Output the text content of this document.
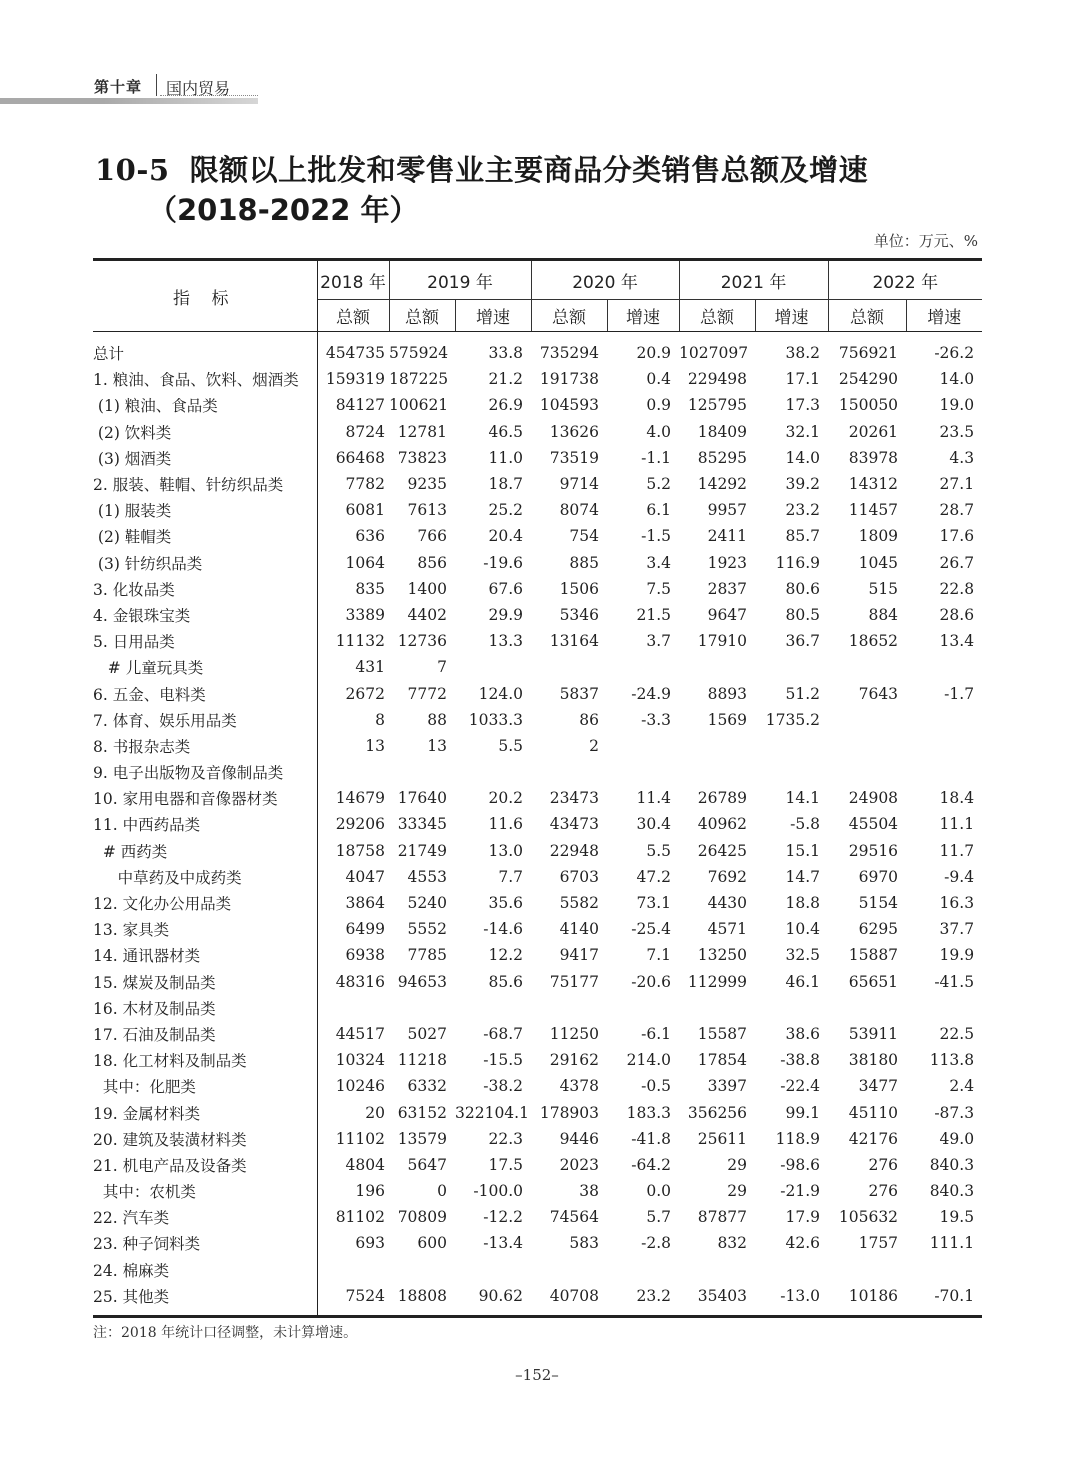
第十章 国内贸易
10-5 限额以上批发和零售业主要商品分类销售总额及增速
（2018-2022 年）
单位：万元、%
指 标	2018 年	2019 年		2020 年		2021 年		2022 年	
	总额	总额	增速	总额	增速	总额	增速	总额	增速
总计	454735	575924	33.8	735294	20.9	1027097	38.2	756921	-26.2
1. 粮油、食品、饮料、烟酒类	159319	187225	21.2	191738	0.4	229498	17.1	254290	14.0
(1) 粮油、食品类	84127	100621	26.9	104593	0.9	125795	17.3	150050	19.0
(2) 饮料类	8724	12781	46.5	13626	4.0	18409	32.1	20261	23.5
(3) 烟酒类	66468	73823	11.0	73519	-1.1	85295	14.0	83978	4.3
2. 服装、鞋帽、针纺织品类	7782	9235	18.7	9714	5.2	14292	39.2	14312	27.1
(1) 服装类	6081	7613	25.2	8074	6.1	9957	23.2	11457	28.7
(2) 鞋帽类	636	766	20.4	754	-1.5	2411	85.7	1809	17.6
(3) 针纺织品类	1064	856	-19.6	885	3.4	1923	116.9	1045	26.7
3. 化妆品类	835	1400	67.6	1506	7.5	2837	80.6	515	22.8
4. 金银珠宝类	3389	4402	29.9	5346	21.5	9647	80.5	884	28.6
5. 日用品类	11132	12736	13.3	13164	3.7	17910	36.7	18652	13.4
# 儿童玩具类	431	7							
6. 五金、电料类	2672	7772	124.0	5837	-24.9	8893	51.2	7643	-1.7
7. 体育、娱乐用品类	8	88	1033.3	86	-3.3	1569	1735.2		
8. 书报杂志类	13	13	5.5	2					
9. 电子出版物及音像制品类									
10. 家用电器和音像器材类	14679	17640	20.2	23473	11.4	26789	14.1	24908	18.4
11. 中西药品类	29206	33345	11.6	43473	30.4	40962	-5.8	45504	11.1
# 西药类	18758	21749	13.0	22948	5.5	26425	15.1	29516	11.7
中草药及中成药类	4047	4553	7.7	6703	47.2	7692	14.7	6970	-9.4
12. 文化办公用品类	3864	5240	35.6	5582	73.1	4430	18.8	5154	16.3
13. 家具类	6499	5552	-14.6	4140	-25.4	4571	10.4	6295	37.7
14. 通讯器材类	6938	7785	12.2	9417	7.1	13250	32.5	15887	19.9
15. 煤炭及制品类	48316	94653	85.6	75177	-20.6	112999	46.1	65651	-41.5
16. 木材及制品类									
17. 石油及制品类	44517	5027	-68.7	11250	-6.1	15587	38.6	53911	22.5
18. 化工材料及制品类	10324	11218	-15.5	29162	214.0	17854	-38.8	38180	113.8
其中：化肥类	10246	6332	-38.2	4378	-0.5	3397	-22.4	3477	2.4
19. 金属材料类	20	63152	322104.1	178903	183.3	356256	99.1	45110	-87.3
20. 建筑及装潢材料类	11102	13579	22.3	9446	-41.8	25611	118.9	42176	49.0
21. 机电产品及设备类	4804	5647	17.5	2023	-64.2	29	-98.6	276	840.3
其中：农机类	196	0	-100.0	38	0.0	29	-21.9	276	840.3
22. 汽车类	81102	70809	-12.2	74564	5.7	87877	17.9	105632	19.5
23. 种子饲料类	693	600	-13.4	583	-2.8	832	42.6	1757	111.1
24. 棉麻类									
25. 其他类	7524	18808	90.62	40708	23.2	35403	-13.0	10186	-70.1
注：2018 年统计口径调整，未计算增速。
–152–
